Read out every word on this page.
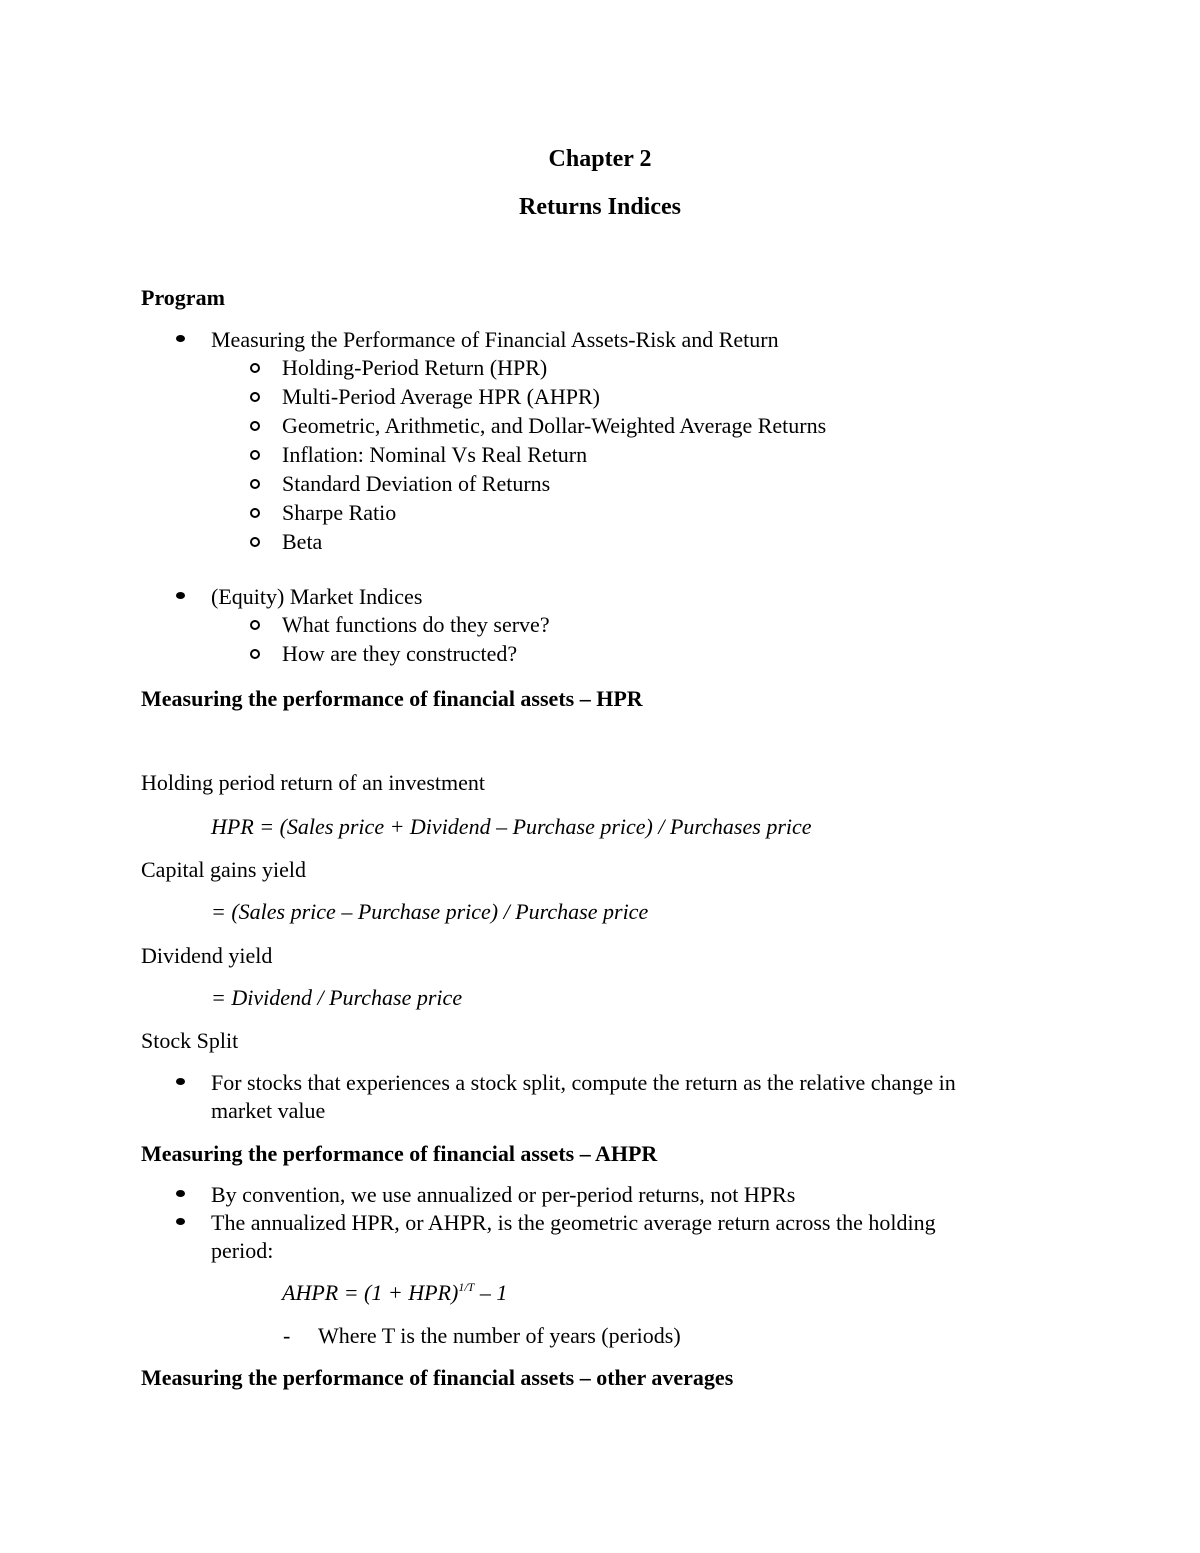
Chapter 2
Returns Indices
Program
Measuring the Performance of Financial Assets-Risk and Return
Holding-Period Return (HPR)
Multi-Period Average HPR (AHPR)
Geometric, Arithmetic, and Dollar-Weighted Average Returns
Inflation: Nominal Vs Real Return
Standard Deviation of Returns
Sharpe Ratio
Beta
(Equity) Market Indices
What functions do they serve?
How are they constructed?
Measuring the performance of financial assets – HPR
Holding period return of an investment
HPR = (Sales price + Dividend – Purchase price) / Purchases price
Capital gains yield
= (Sales price – Purchase price) / Purchase price
Dividend yield
= Dividend / Purchase price
Stock Split
For stocks that experiences a stock split, compute the return as the relative change in
market value
Measuring the performance of financial assets – AHPR
By convention, we use annualized or per-period returns, not HPRs
The annualized HPR, or AHPR, is the geometric average return across the holding
period:
AHPR = (1 + HPR)$^{1/T}$ – 1
- Where T is the number of years (periods)
Measuring the performance of financial assets – other averages
